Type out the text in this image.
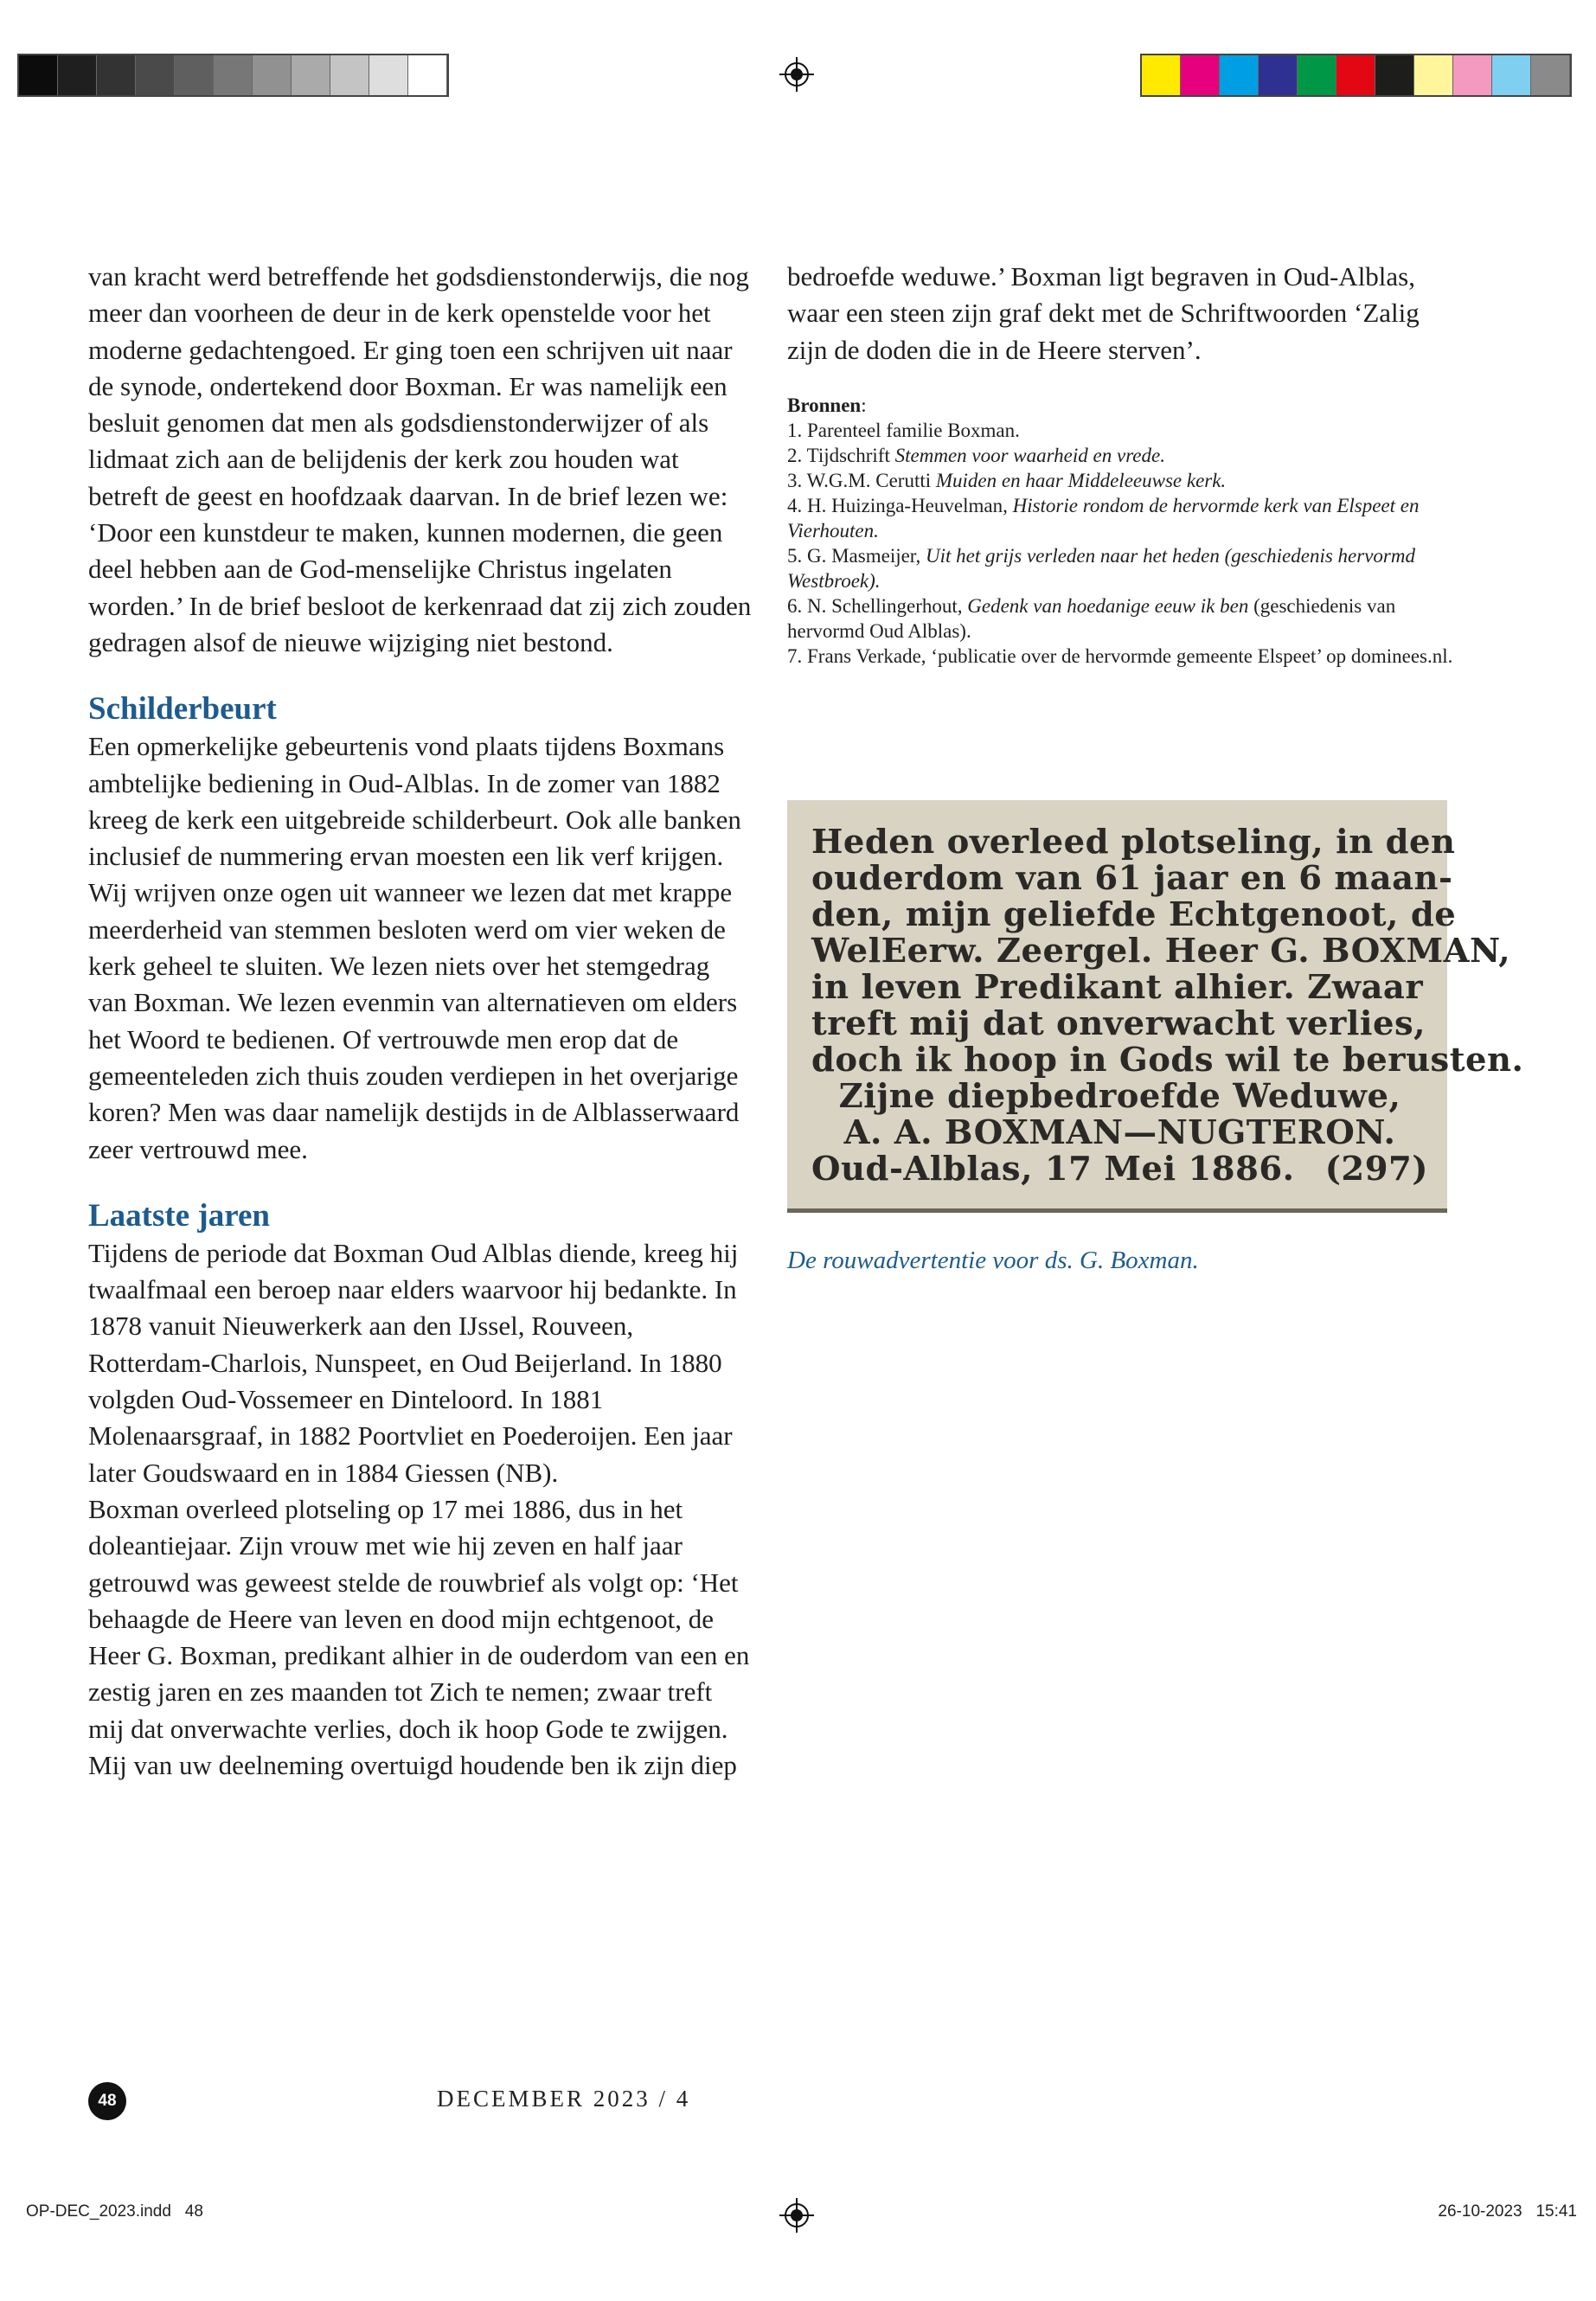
van kracht werd betreffende het godsdienstonderwijs, die nog meer dan voorheen de deur in de kerk openstelde voor het moderne gedachtengoed. Er ging toen een schrijven uit naar de synode, ondertekend door Boxman. Er was namelijk een besluit genomen dat men als godsdienstonderwijzer of als lidmaat zich aan de belijdenis der kerk zou houden wat betreft de geest en hoofdzaak daarvan. In de brief lezen we: ‘Door een kunstdeur te maken, kunnen modernen, die geen deel hebben aan de God-menselijke Christus ingelaten worden.’ In de brief besloot de kerkenraad dat zij zich zouden gedragen alsof de nieuwe wijziging niet bestond.

Schilderbeurt

Een opmerkelijke gebeurtenis vond plaats tijdens Boxmans ambtelijke bediening in Oud-Alblas. In de zomer van 1882 kreeg de kerk een uitgebreide schilderbeurt. Ook alle banken inclusief de nummering ervan moesten een lik verf krijgen. Wij wrijven onze ogen uit wanneer we lezen dat met krappe meerderheid van stemmen besloten werd om vier weken de kerk geheel te sluiten. We lezen niets over het stemgedrag van Boxman. We lezen evenmin van alternatieven om elders het Woord te bedienen. Of vertrouwde men erop dat de gemeenteleden zich thuis zouden verdiepen in het overjarige koren? Men was daar namelijk destijds in de Alblasserwaard zeer vertrouwd mee.

Laatste jaren

Tijdens de periode dat Boxman Oud Alblas diende, kreeg hij twaalfmaal een beroep naar elders waarvoor hij bedankte. In 1878 vanuit Nieuwerkerk aan den IJssel, Rouveen, Rotterdam-Charlois, Nunspeet, en Oud Beijerland. In 1880 volgden Oud-Vossemeer en Dinteloord. In 1881 Molenaarsgraaf, in 1882 Poortvliet en Poederoijen. Een jaar later Goudswaard en in 1884 Giessen (NB).

Boxman overleed plotseling op 17 mei 1886, dus in het doleantiejaar. Zijn vrouw met wie hij zeven en half jaar getrouwd was geweest stelde de rouwbrief als volgt op: ‘Het behaagde de Heere van leven en dood mijn echtgenoot, de Heer G. Boxman, predikant alhier in de ouderdom van een en zestig jaren en zes maanden tot Zich te nemen; zwaar treft mij dat onverwachte verlies, doch ik hoop Gode te zwijgen. Mij van uw deelneming overtuigd houdende ben ik zijn diep

bedroefde weduwe.’ Boxman ligt begraven in Oud-Alblas, waar een steen zijn graf dekt met de Schriftwoorden ‘Zalig zijn de doden die in de Heere sterven’.

Bronnen:

1. Parenteel familie Boxman.

2. Tijdschrift Stemmen voor waarheid en vrede.

3. W.G.M. Cerutti Muiden en haar Middeleeuwse kerk.

4. H. Huizinga-Heuvelman, Historie rondom de hervormde kerk van Elspeet en Vierhouten.

5. G. Masmeijer, Uit het grijs verleden naar het heden (geschiedenis hervormd Westbroek).

6. N. Schellingerhout, Gedenk van hoedanige eeuw ik ben (geschiedenis van hervormd Oud Alblas).

7. Frans Verkade, ‘publicatie over de hervormde gemeente Elspeet’ op dominees.nl.

Heden overleed plotseling, in den
ouderdom van 61 jaar en 6 maan-
den, mijn geliefde Echtgenoot, de
WelEerw. Zeergel. Heer G. BOXMAN,
in leven Predikant alhier. Zwaar
treft mij dat onverwacht verlies,
doch ik hoop in Gods wil te berusten.
Zijne diepbedroefde Weduwe,
A. A. BOXMAN—NUGTERON.
Oud-Alblas, 17 Mei 1886. (297)
De rouwadvertentie voor ds. G. Boxman.
48	DECEMBER 2023 / 4
OP-DEC_2023.indd   48	26-10-2023   15:41
